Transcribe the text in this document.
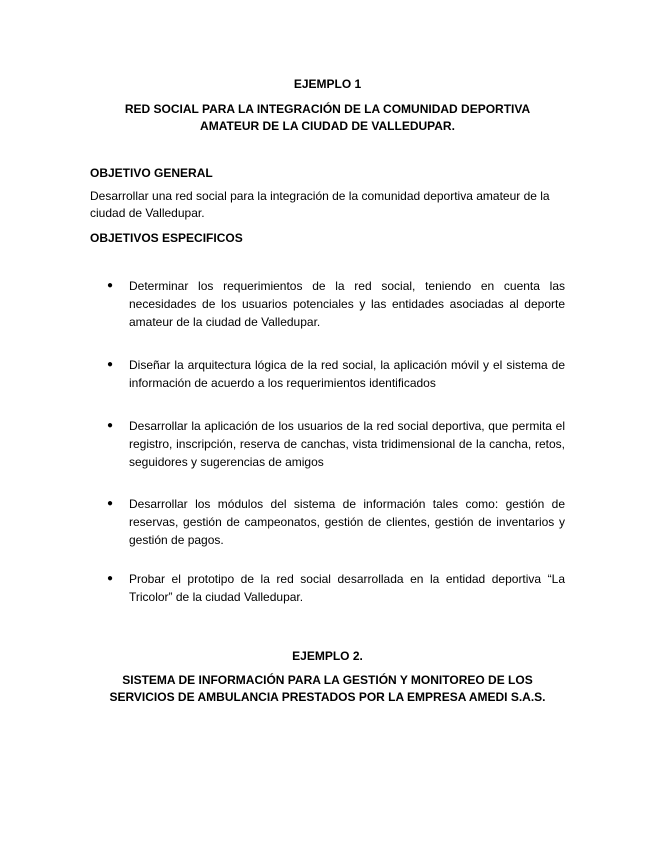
EJEMPLO 1
RED SOCIAL PARA LA INTEGRACIÓN DE LA COMUNIDAD DEPORTIVA
AMATEUR DE LA CIUDAD DE VALLEDUPAR.
OBJETIVO GENERAL
Desarrollar una red social para la integración de la comunidad deportiva amateur de la ciudad de Valledupar.
OBJETIVOS ESPECIFICOS
●	Determinar los requerimientos de la red social, teniendo en cuenta las necesidades de los usuarios potenciales y las entidades asociadas al deporte amateur de la ciudad de Valledupar.
●	Diseñar la arquitectura lógica de la red social, la aplicación móvil y el sistema de información de acuerdo a los requerimientos identificados
●	Desarrollar la aplicación de los usuarios de la red social deportiva, que permita el registro, inscripción, reserva de canchas, vista tridimensional de la cancha, retos, seguidores y sugerencias de amigos
●	Desarrollar los módulos del sistema de información tales como: gestión de reservas, gestión de campeonatos, gestión de clientes, gestión de inventarios y gestión de pagos.
●	Probar el prototipo de la red social desarrollada en la entidad deportiva “La Tricolor” de la ciudad Valledupar.
EJEMPLO 2.
SISTEMA DE INFORMACIÓN PARA LA GESTIÓN Y MONITOREO DE LOS
SERVICIOS DE AMBULANCIA PRESTADOS POR LA EMPRESA AMEDI S.A.S.
